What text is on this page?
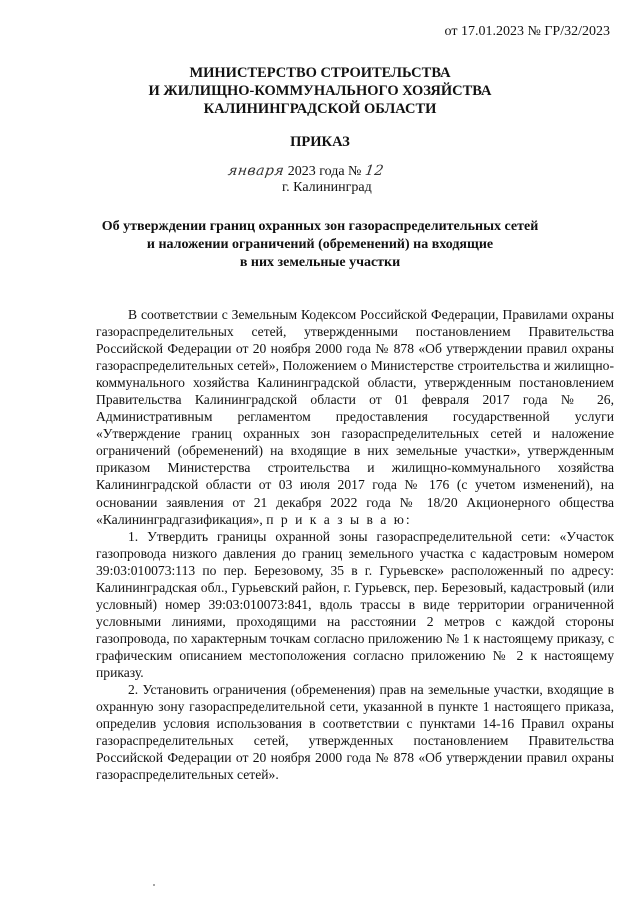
от 17.01.2023 № ГР/32/2023
МИНИСТЕРСТВО СТРОИТЕЛЬСТВА
И ЖИЛИЩНО-КОММУНАЛЬНОГО ХОЗЯЙСТВА
КАЛИНИНГРАДСКОЙ ОБЛАСТИ
ПРИКАЗ
января 2023 года № 12
г. Калининград
Об утверждении границ охранных зон газораспределительных сетей
и наложении ограничений (обременений) на входящие
в них земельные участки

В соответствии с Земельным Кодексом Российской Федерации, Правилами охраны газораспределительных сетей, утвержденными постановлением Правительства Российской Федерации от 20 ноября 2000 года № 878 «Об утверждении правил охраны газораспределительных сетей», Положением о Министерстве строительства и жилищно-коммунального хозяйства Калининградской области, утвержденным постановлением Правительства Калининградской области от 01 февраля 2017 года № 26, Административным регламентом предоставления государственной услуги «Утверждение границ охранных зон газораспределительных сетей и наложение ограничений (обременений) на входящие в них земельные участки», утвержденным приказом Министерства строительства и жилищно-коммунального хозяйства Калининградской области от 03 июля 2017 года № 176 (с учетом изменений), на основании заявления от 21 декабря 2022 года № 18/20 Акционерного общества «Калининградгазификация», п р и к а з ы в а ю:

1. Утвердить границы охранной зоны газораспределительной сети: «Участок газопровода низкого давления до границ земельного участка с кадастровым номером 39:03:010073:113 по пер. Березовому, 35 в г. Гурьевске» расположенный по адресу: Калининградская обл., Гурьевский район, г. Гурьевск, пер. Березовый, кадастровый (или условный) номер 39:03:010073:841, вдоль трассы в виде территории ограниченной условными линиями, проходящими на расстоянии 2 метров с каждой стороны газопровода, по характерным точкам согласно приложению № 1 к настоящему приказу, с графическим описанием местоположения согласно приложению № 2 к настоящему приказу.

2. Установить ограничения (обременения) прав на земельные участки, входящие в охранную зону газораспределительной сети, указанной в пункте 1 настоящего приказа, определив условия использования в соответствии с пунктами 14-16 Правил охраны газораспределительных сетей, утвержденных постановлением Правительства Российской Федерации от 20 ноября 2000 года № 878 «Об утверждении правил охраны газораспределительных сетей».
